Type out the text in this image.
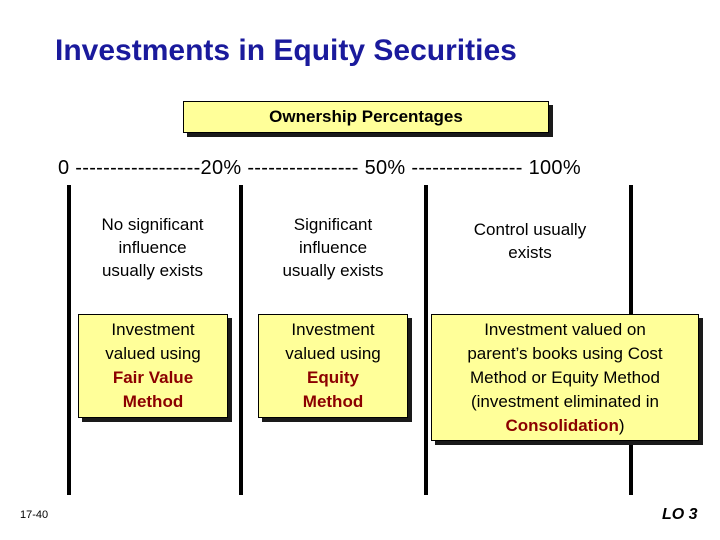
Investments in Equity Securities
Ownership Percentages
0 ------------------20% ---------------- 50% ---------------- 100%
No significant
influence
usually exists
Significant
influence
usually exists
Control usually
exists
Investment
valued using
Fair Value
Method
Investment
valued using
Equity
Method
Investment valued on
parent’s books using Cost
Method or Equity Method
(investment eliminated in
Consolidation)
17-40	LO 3
